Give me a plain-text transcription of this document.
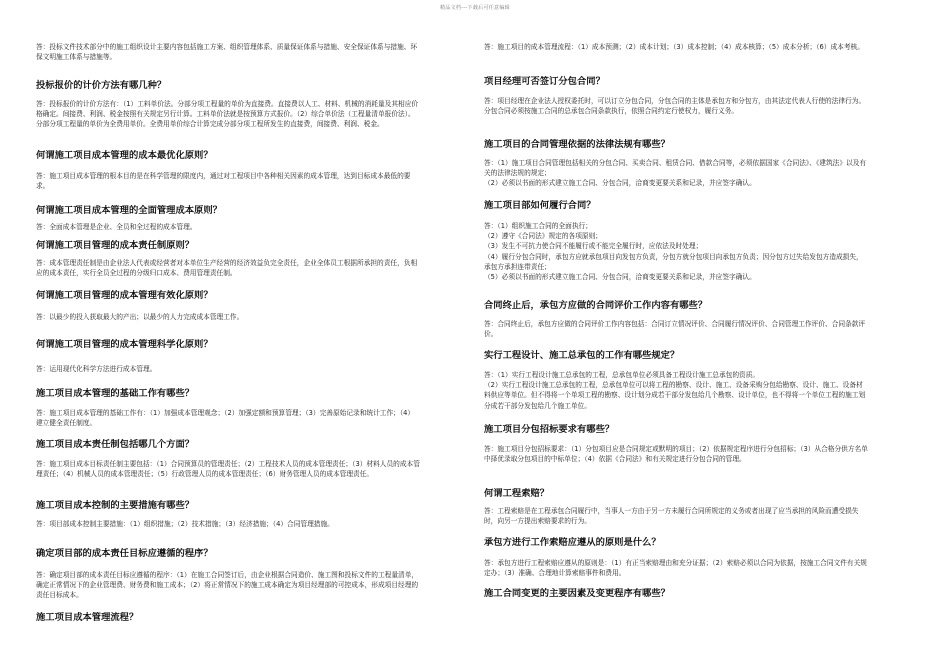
精品文档---下载后可任意编辑
答：投标文件技术部分中的施工组织设计主要内容包括施工方案、组织管理体系、质量保证体系与措施、安全保证体系与措施、环保文明施工体系与措施等。
投标报价的计价方法有哪几种？
答：投标报价的计价方法有：（1）工料单价法。分部分项工程量的单价为直接费。直接费以人工、材料、机械的消耗量及其相应价格确定。间接费、利润、税金按照有关规定另行计算。工料单价法就是按预算方式报价。（2）综合单价法（工程量清单报价法）。分部分项工程量的单价为全费用单价。全费用单价综合计算完成分部分项工程所发生的直接费，间接费、利润、税金。
何谓施工项目成本管理的成本最优化原则？
答：施工项目成本管理的根本目的是在科学管理的限度内，通过对工程项目中各种相关因素的成本管理，达到目标成本最低的要求。
何谓施工项目成本管理的全面管理成本原则？
答：全面成本管理是企业、全员和全过程的成本管理。
何谓施工项目管理的成本责任制原则？
答：成本管理责任制是由企业法人代表或经营者对本单位生产经营的经济效益负完全责任，企业全体员工根据所承担的责任，负相应的成本责任，实行全员全过程的分级归口成本、费用管理责任制。
何谓施工项目管理的成本管理有效化原则？
答：以最少的投入获取最大的产出；以最少的人力完成成本管理工作。
何谓施工项目管理的成本管理科学化原则？
答：运用现代化科学方法进行成本管理。
施工项目成本管理的基础工作有哪些？
答：施工项目成本管理的基础工作有：（1）加强成本管理观念；（2）加强定额和预算管理；（3）完善原始记录和统计工作；（4）建立健全责任制度。
施工项目成本责任制包括哪几个方面？
答：施工项目成本目标责任制主要包括：（1）合同预算员的管理责任；（2）工程技术人员的成本管理责任；（3）材料人员的成本管理责任；（4）机械人员的成本管理责任；（5）行政管理人员的成本管理责任；（6）财务管理人员的成本管理责任。
施工项目成本控制的主要措施有哪些？
答：项目部成本控制主要措施：（1）组织措施；（2）技术措施；（3）经济措施；（4）合同管理措施。
确定项目部的成本责任目标应遵循的程序？
答：确定项目部的成本责任目标应遵循的程序：（1）在施工合同签订后，由企业根据合同造价、施工图和投标文件的工程量清单，确定正常情况下的企业管理费、财务费和施工成本；（2）将正常情况下的施工成本确定为项目经理部的可控成本，形成项目经理的责任目标成本。
施工项目成本管理流程？
答：施工项目的成本管理流程：（1）成本预测；（2）成本计划；（3）成本控制；（4）成本核算；（5）成本分析；（6）成本考核。
项目经理可否签订分包合同？
答：项目经理在企业法人授权委托时，可以订立分包合同，分包合同的主体是承包方和分包方，由其法定代表人行使的法律行为。分包合同必须按施工合同的总承包合同条款执行，依照合同约定行使权力，履行义务。
施工项目的合同管理依据的法律法规有哪些？
答：（1）施工项目合同管理包括相关的分包合同、买卖合同、租赁合同、借款合同等，必须依据国家《合同法》、《建筑法》以及有关的法律法规的规定；
（2）必须以书面的形式建立施工合同、分包合同，洽商变更要关系和记录，并应签字确认。
施工项目部如何履行合同？
答：（1）组织施工合同的全面执行；
（2）遵守《合同法》规定的各项原则；
（3）发生不可抗力使合同不能履行或不能完全履行时，应依法及时处理；
（4）履行分包合同时，承包方应就承包项目向发包方负责，分包方就分包项目向承包方负责；因分包方过失给发包方造成损失，承包方承担连带责任；
（5）必须以书面的形式建立施工合同、分包合同，洽商变更要关系和记录，并应签字确认。
合同终止后，承包方应做的合同评价工作内容有哪些？
答：合同终止后，承包方应做的合同评价工作内容包括：合同订立情况评价、合同履行情况评价、合同管理工作评价、合同条款评价。
实行工程设计、施工总承包的工作有哪些规定？
答：（1）实行工程设计施工总承包的工程，总承包单位必须具备工程设计施工总承包的资质。
（2）实行工程设计施工总承包的工程，总承包单位可以将工程的勘察、设计、施工、设备采购分包给勘察、设计、施工、设备材料供应等单位。但不得将一个单项工程的勘察、设计划分成若干部分发包给几个勘察、设计单位，也不得将一个单位工程的施工划分成若干部分发包给几个施工单位。
施工项目分包招标要求有哪些？
答：施工项目分包招标要求：（1）分包项目应是合同规定或默明的项目；（2）依据规定程序进行分包招标；（3）从合格分供方名单中择优录取分包项目的中标单位；（4）依据《合同法》和有关规定进行分包合同的管理。
何谓工程索赔？
答：工程索赔是在工程承包合同履行中，当事人一方由于另一方未履行合同所规定的义务或者出现了应当承担的风险而遭受损失时，向另一方提出索赔要求的行为。
承包方进行工作索赔应遵从的原则是什么？
答：承包方进行工程索赔应遵从的原则是：（1）有正当索赔理由和充分证据；（2）索赔必须以合同为依据，按施工合同文件有关规定办；（3）准确、合理地计算索赔事件和费用。
施工合同变更的主要因素及变更程序有哪些？
